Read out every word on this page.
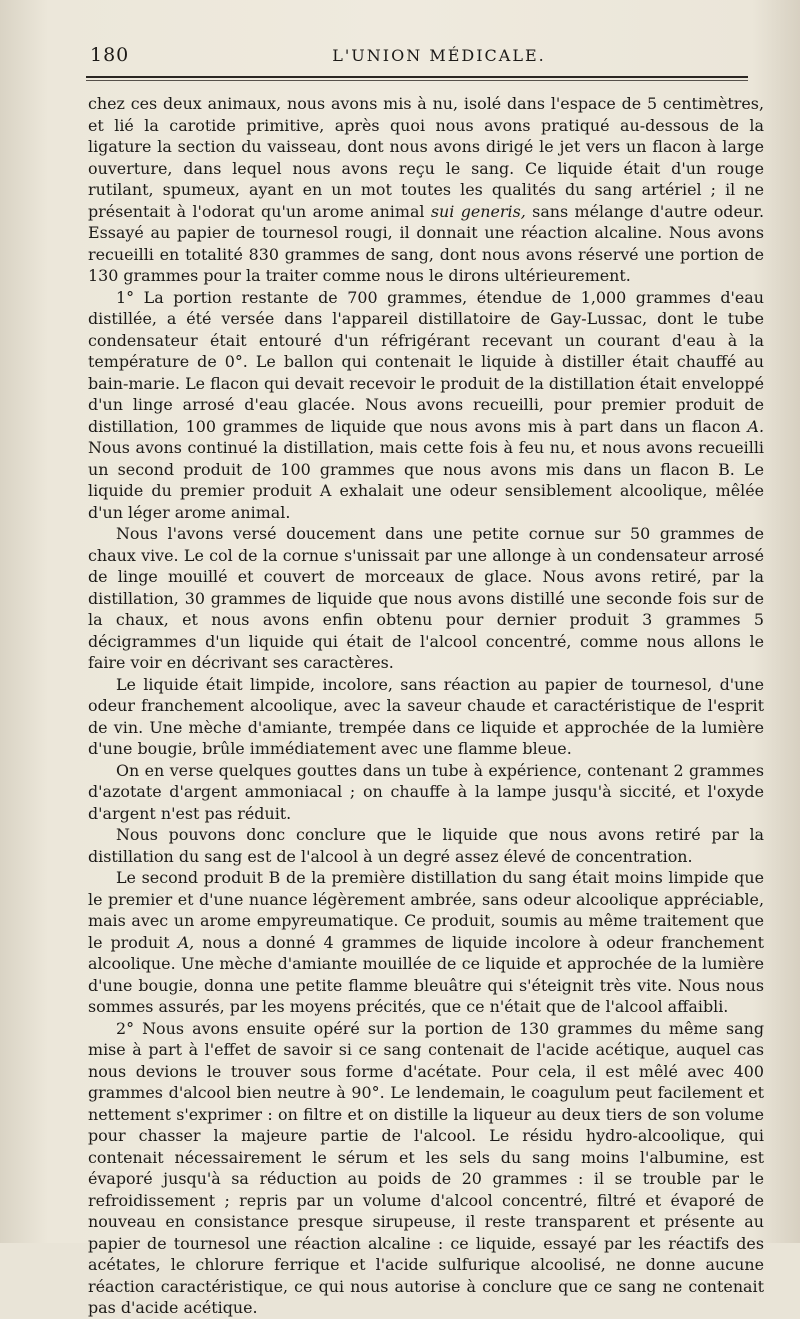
180	L'UNION MÉDICALE.

chez ces deux animaux, nous avons mis à nu, isolé dans l'espace de 5 centimètres, et lié la carotide primitive, après quoi nous avons pratiqué au-dessous de la ligature la section du vaisseau, dont nous avons dirigé le jet vers un flacon à large ouverture, dans lequel nous avons reçu le sang. Ce liquide était d'un rouge rutilant, spumeux, ayant en un mot toutes les qualités du sang artériel ; il ne présentait à l'odorat qu'un arome animal sui generis, sans mélange d'autre odeur. Essayé au papier de tournesol rougi, il donnait une réaction alcaline. Nous avons recueilli en totalité 830 grammes de sang, dont nous avons réservé une portion de 130 grammes pour la traiter comme nous le dirons ultérieurement.

1° La portion restante de 700 grammes, étendue de 1,000 grammes d'eau distillée, a été versée dans l'appareil distillatoire de Gay-Lussac, dont le tube condensateur était entouré d'un réfrigérant recevant un courant d'eau à la température de 0°. Le ballon qui contenait le liquide à distiller était chauffé au bain-marie. Le flacon qui devait recevoir le produit de la distillation était enveloppé d'un linge arrosé d'eau glacée. Nous avons recueilli, pour premier produit de distillation, 100 grammes de liquide que nous avons mis à part dans un flacon A. Nous avons continué la distillation, mais cette fois à feu nu, et nous avons recueilli un second produit de 100 grammes que nous avons mis dans un flacon B. Le liquide du premier produit A exhalait une odeur sensiblement alcoolique, mêlée d'un léger arome animal.

Nous l'avons versé doucement dans une petite cornue sur 50 grammes de chaux vive. Le col de la cornue s'unissait par une allonge à un condensateur arrosé de linge mouillé et couvert de morceaux de glace. Nous avons retiré, par la distillation, 30 grammes de liquide que nous avons distillé une seconde fois sur de la chaux, et nous avons enfin obtenu pour dernier produit 3 grammes 5 décigrammes d'un liquide qui était de l'alcool concentré, comme nous allons le faire voir en décrivant ses caractères.

Le liquide était limpide, incolore, sans réaction au papier de tournesol, d'une odeur franchement alcoolique, avec la saveur chaude et caractéristique de l'esprit de vin. Une mèche d'amiante, trempée dans ce liquide et approchée de la lumière d'une bougie, brûle immédiatement avec une flamme bleue.

On en verse quelques gouttes dans un tube à expérience, contenant 2 grammes d'azotate d'argent ammoniacal ; on chauffe à la lampe jusqu'à siccité, et l'oxyde d'argent n'est pas réduit.

Nous pouvons donc conclure que le liquide que nous avons retiré par la distillation du sang est de l'alcool à un degré assez élevé de concentration.

Le second produit B de la première distillation du sang était moins limpide que le premier et d'une nuance légèrement ambrée, sans odeur alcoolique appréciable, mais avec un arome empyreumatique. Ce produit, soumis au même traitement que le produit A, nous a donné 4 grammes de liquide incolore à odeur franchement alcoolique. Une mèche d'amiante mouillée de ce liquide et approchée de la lumière d'une bougie, donna une petite flamme bleuâtre qui s'éteignit très vite. Nous nous sommes assurés, par les moyens précités, que ce n'était que de l'alcool affaibli.

2° Nous avons ensuite opéré sur la portion de 130 grammes du même sang mise à part à l'effet de savoir si ce sang contenait de l'acide acétique, auquel cas nous devions le trouver sous forme d'acétate. Pour cela, il est mêlé avec 400 grammes d'alcool bien neutre à 90°. Le lendemain, le coagulum peut facilement et nettement s'exprimer : on filtre et on distille la liqueur au deux tiers de son volume pour chasser la majeure partie de l'alcool. Le résidu hydro-alcoolique, qui contenait nécessairement le sérum et les sels du sang moins l'albumine, est évaporé jusqu'à sa réduction au poids de 20 grammes : il se trouble par le refroidissement ; repris par un volume d'alcool concentré, filtré et évaporé de nouveau en consistance presque sirupeuse, il reste transparent et présente au papier de tournesol une réaction alcaline : ce liquide, essayé par les réactifs des acétates, le chlorure ferrique et l'acide sulfurique alcoolisé, ne donne aucune réaction caractéristique, ce qui nous autorise à conclure que ce sang ne contenait pas d'acide acétique.
